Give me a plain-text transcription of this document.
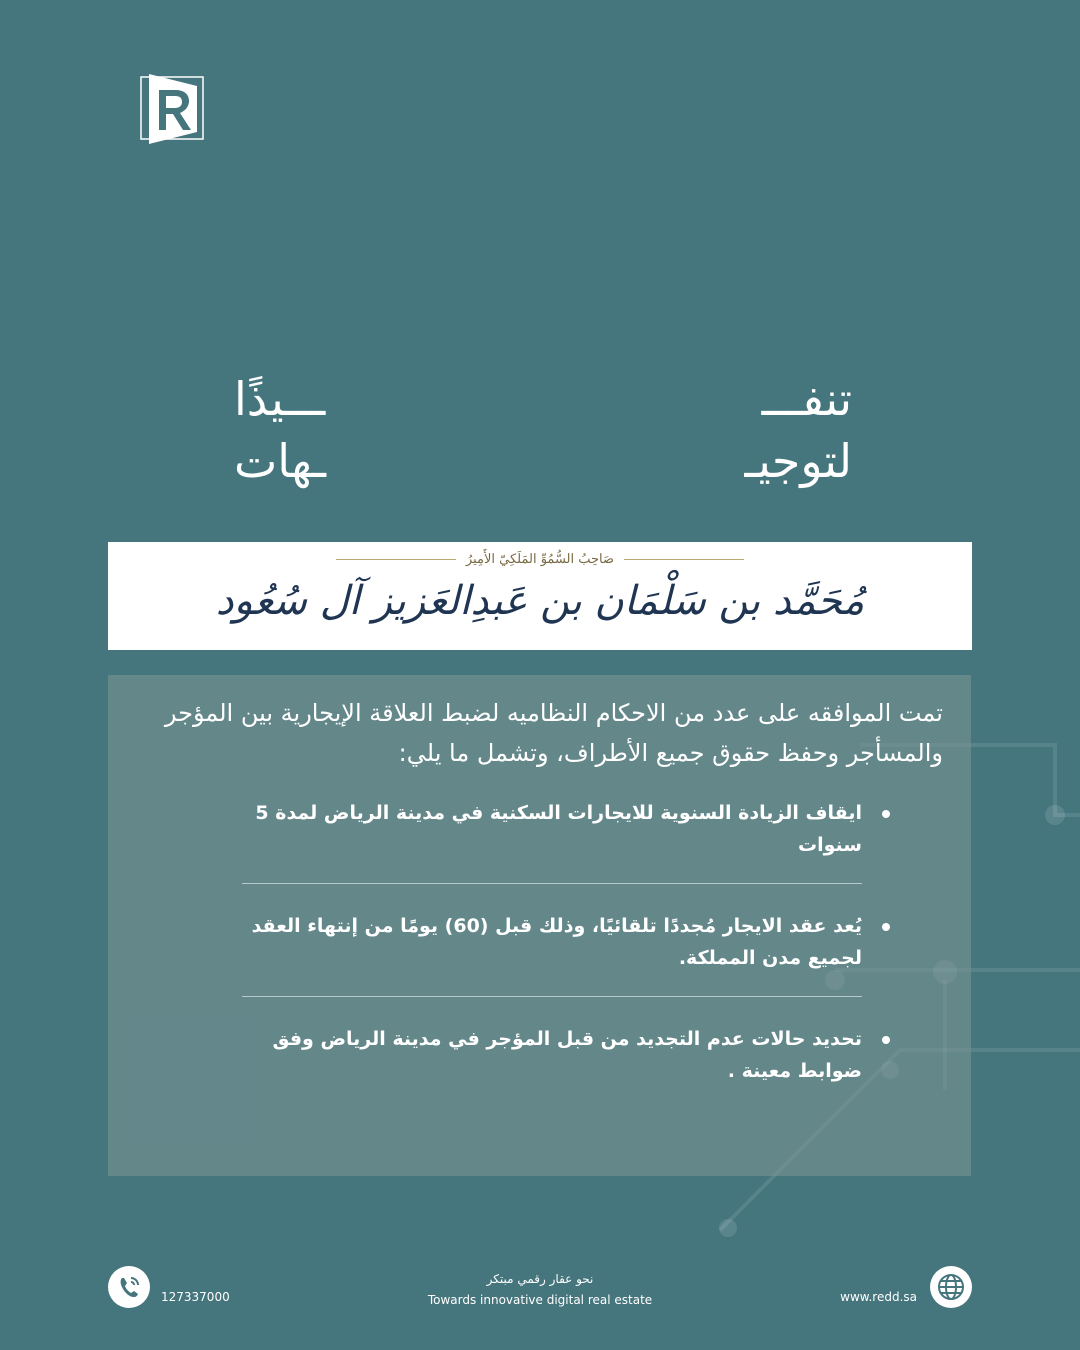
تنفـــ
لتوجيـ
ـــيذًا
ـهات
صَاحِبُ السُّمُوِّ المَلَكِيّ الأَمِيرُ
مُحَمَّد بن سَلْمَان بن عَبدِالعَزيز آل سُعُود
تمت الموافقه على عدد من الاحكام النظاميه لضبط العلاقة الإيجارية بين المؤجر والمسأجر وحفظ حقوق جميع الأطراف، وتشمل ما يلي:
ايقاف الزيادة السنوية للايجارات السكنية في مدينة الرياض لمدة 5 سنوات
يُعد عقد الايجار مُجددًا تلقائيًا، وذلك قبل (60) يومًا من إنتهاء العقد لجميع مدن المملكة.
تحديد حالات عدم التجديد من قبل المؤجر في مدينة الرياض وفق ضوابط معينة .
127337000
نحو عقار رقمي مبتكر
Towards innovative digital real estate	www.redd.sa
